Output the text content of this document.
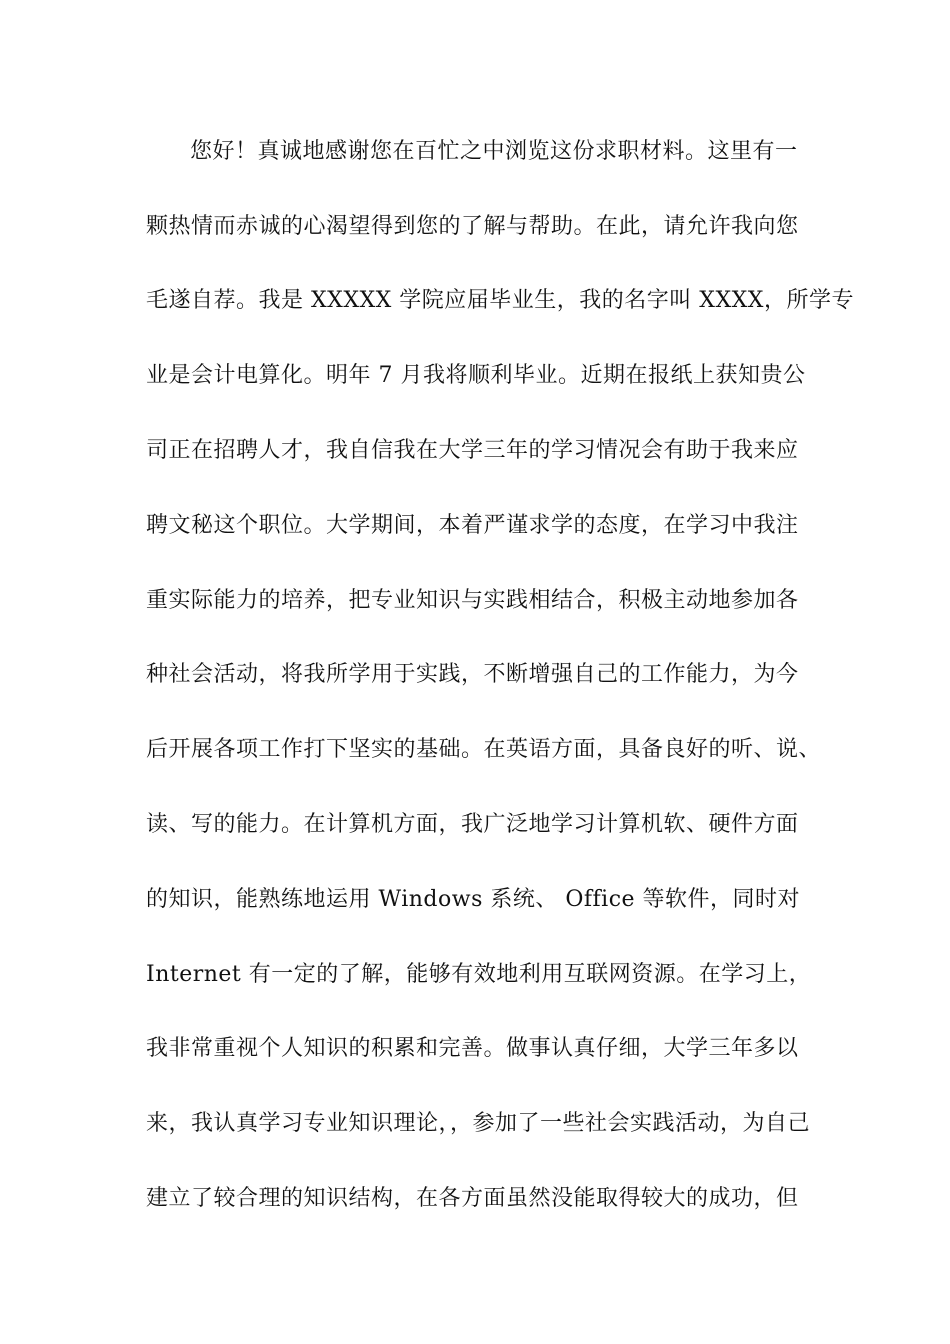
您好！真诚地感谢您在百忙之中浏览这份求职材料。这里有一

颗热情而赤诚的心渴望得到您的了解与帮助。在此，请允许我向您

毛遂自荐。我是 XXXXX 学院应届毕业生，我的名字叫 XXXX，所学专

业是会计电算化。明年 7 月我将顺利毕业。近期在报纸上获知贵公

司正在招聘人才，我自信我在大学三年的学习情况会有助于我来应

聘文秘这个职位。大学期间，本着严谨求学的态度，在学习中我注

重实际能力的培养，把专业知识与实践相结合，积极主动地参加各

种社会活动，将我所学用于实践，不断增强自己的工作能力，为今

后开展各项工作打下坚实的基础。在英语方面，具备良好的听、说、

读、写的能力。在计算机方面，我广泛地学习计算机软、硬件方面

的知识，能熟练地运用 Windows 系统、 Office 等软件，同时对

Internet 有一定的了解，能够有效地利用互联网资源。在学习上，

我非常重视个人知识的积累和完善。做事认真仔细，大学三年多以

来，我认真学习专业知识理论，，参加了一些社会实践活动，为自己

建立了较合理的知识结构，在各方面虽然没能取得较大的成功，但
